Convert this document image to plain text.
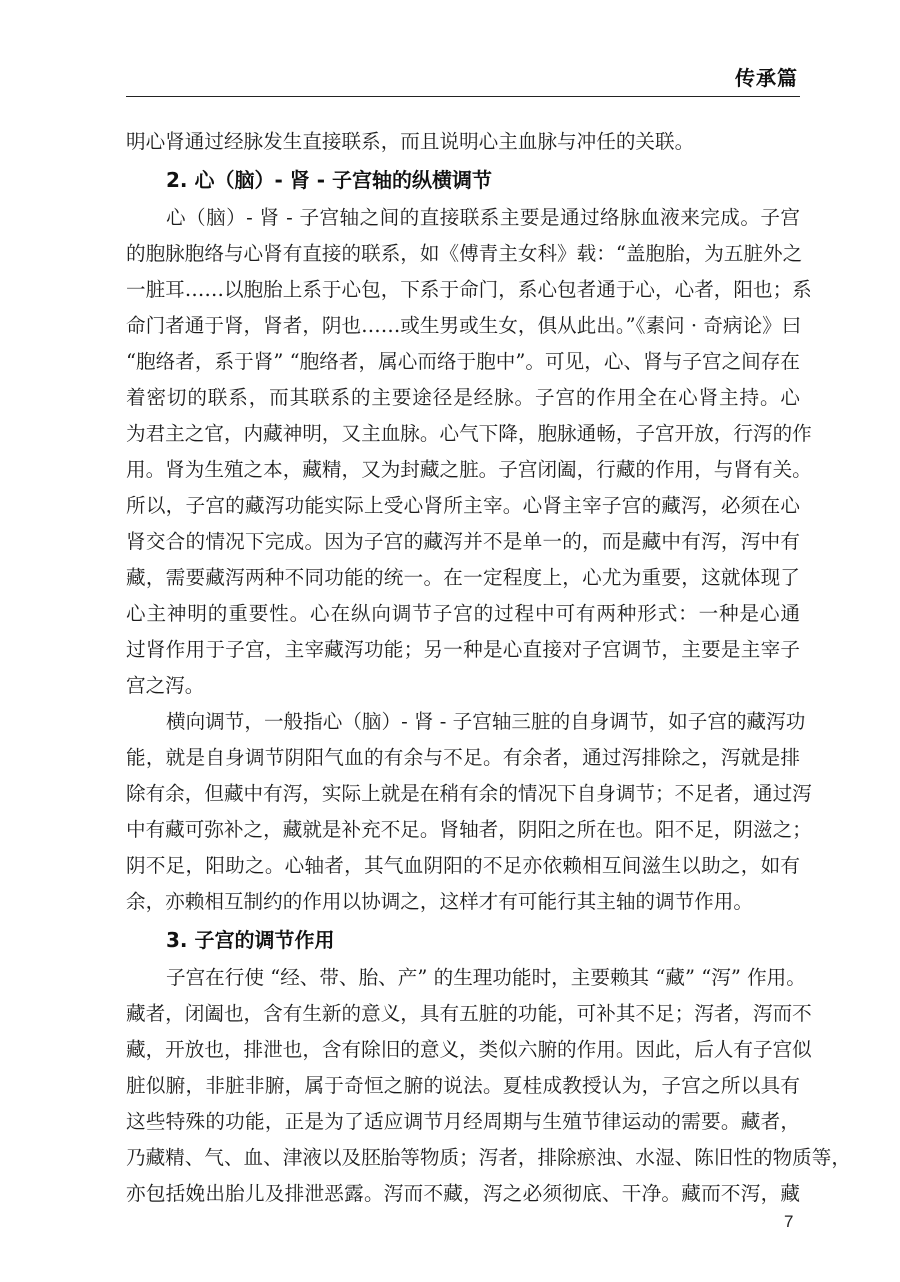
传承篇
明心肾通过经脉发生直接联系，而且说明心主血脉与冲任的关联。
2. 心（脑）- 肾 - 子宫轴的纵横调节
心（脑）- 肾 - 子宫轴之间的直接联系主要是通过络脉血液来完成。子宫
的胞脉胞络与心肾有直接的联系，如《傅青主女科》载：“盖胞胎，为五脏外之
一脏耳……以胞胎上系于心包，下系于命门，系心包者通于心，心者，阳也；系
命门者通于肾，肾者，阴也……或生男或生女，俱从此出。”《素问 · 奇病论》曰
“胞络者，系于肾” “胞络者，属心而络于胞中”。可见，心、肾与子宫之间存在
着密切的联系，而其联系的主要途径是经脉。子宫的作用全在心肾主持。心
为君主之官，内藏神明，又主血脉。心气下降，胞脉通畅，子宫开放，行泻的作
用。肾为生殖之本，藏精，又为封藏之脏。子宫闭阖，行藏的作用，与肾有关。
所以，子宫的藏泻功能实际上受心肾所主宰。心肾主宰子宫的藏泻，必须在心
肾交合的情况下完成。因为子宫的藏泻并不是单一的，而是藏中有泻，泻中有
藏，需要藏泻两种不同功能的统一。在一定程度上，心尤为重要，这就体现了
心主神明的重要性。心在纵向调节子宫的过程中可有两种形式：一种是心通
过肾作用于子宫，主宰藏泻功能；另一种是心直接对子宫调节，主要是主宰子
宫之泻。
横向调节，一般指心（脑）- 肾 - 子宫轴三脏的自身调节，如子宫的藏泻功
能，就是自身调节阴阳气血的有余与不足。有余者，通过泻排除之，泻就是排
除有余，但藏中有泻，实际上就是在稍有余的情况下自身调节；不足者，通过泻
中有藏可弥补之，藏就是补充不足。肾轴者，阴阳之所在也。阳不足，阴滋之；
阴不足，阳助之。心轴者，其气血阴阳的不足亦依赖相互间滋生以助之，如有
余，亦赖相互制约的作用以协调之，这样才有可能行其主轴的调节作用。
3. 子宫的调节作用
子宫在行使 “经、带、胎、产” 的生理功能时，主要赖其 “藏” “泻” 作用。
藏者，闭阖也，含有生新的意义，具有五脏的功能，可补其不足；泻者，泻而不
藏，开放也，排泄也，含有除旧的意义，类似六腑的作用。因此，后人有子宫似
脏似腑，非脏非腑，属于奇恒之腑的说法。夏桂成教授认为，子宫之所以具有
这些特殊的功能，正是为了适应调节月经周期与生殖节律运动的需要。藏者，
乃藏精、气、血、津液以及胚胎等物质；泻者，排除瘀浊、水湿、陈旧性的物质等，
亦包括娩出胎儿及排泄恶露。泻而不藏，泻之必须彻底、干净。藏而不泻，藏
7
